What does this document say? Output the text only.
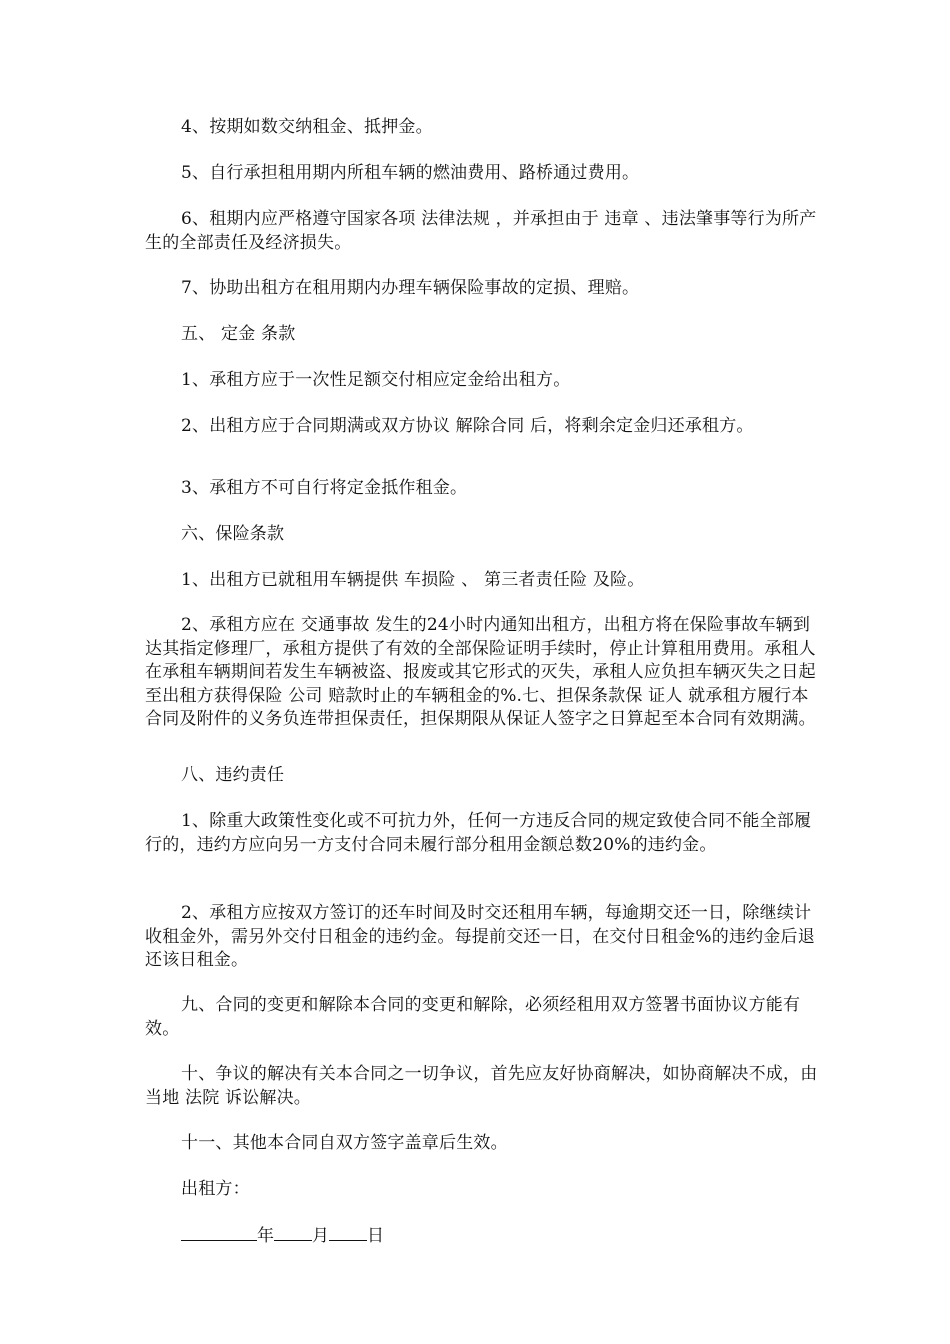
4、按期如数交纳租金、抵押金。

5、自行承担租用期内所租车辆的燃油费用、路桥通过费用。

6、租期内应严格遵守国家各项 法律法规 ，并承担由于 违章 、违法肇事等行为所产生的全部责任及经济损失。

7、协助出租方在租用期内办理车辆保险事故的定损、理赔。

五、 定金 条款

1、承租方应于一次性足额交付相应定金给出租方。

2、出租方应于合同期满或双方协议 解除合同 后，将剩余定金归还承租方。

3、承租方不可自行将定金抵作租金。

六、保险条款

1、出租方已就租用车辆提供 车损险 、 第三者责任险 及险。

2、承租方应在 交通事故 发生的24小时内通知出租方，出租方将在保险事故车辆到达其指定修理厂，承租方提供了有效的全部保险证明手续时，停止计算租用费用。承租人在承租车辆期间若发生车辆被盗、报废或其它形式的灭失，承租人应负担车辆灭失之日起至出租方获得保险 公司 赔款时止的车辆租金的%.七、担保条款保 证人 就承租方履行本合同及附件的义务负连带担保责任，担保期限从保证人签字之日算起至本合同有效期满。

八、违约责任

1、除重大政策性变化或不可抗力外，任何一方违反合同的规定致使合同不能全部履行的，违约方应向另一方支付合同未履行部分租用金额总数20%的违约金。

2、承租方应按双方签订的还车时间及时交还租用车辆，每逾期交还一日，除继续计收租金外，需另外交付日租金的违约金。每提前交还一日，在交付日租金%的违约金后退还该日租金。

九、合同的变更和解除本合同的变更和解除，必须经租用双方签署书面协议方能有效。

十、争议的解决有关本合同之一切争议，首先应友好协商解决，如协商解决不成，由当地 法院 诉讼解决。

十一、其他本合同自双方签字盖章后生效。

出租方：

年 月 日
